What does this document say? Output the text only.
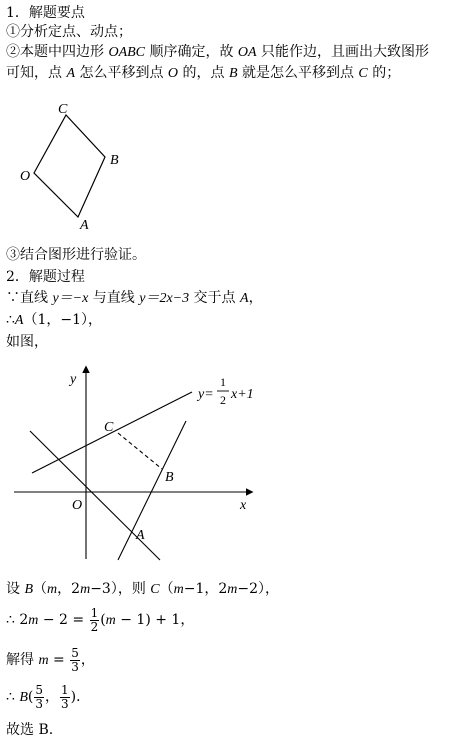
1．解题要点
①分析定点、动点；
②本题中四边形 OABC 顺序确定，故 OA 只能作边，且画出大致图形
可知，点 A 怎么平移到点 O 的，点 B 就是怎么平移到点 C 的；
C
B
O
A
③结合图形进行验证。
2．解题过程
∵直线 y＝−x 与直线 y＝2x−3 交于点 A，
∴A（1，−1），
如图，
y
x
O
A
B
C
y=
1
2 x+1
设 B（m，2m−3），则 C（m−1，2m−2），
∴ $2m - 2 = \frac{1}{2} (m - 1) + 1$，
解得 $m = \frac{5}{3}$ ，
∴ $B( \frac{5}{3}$ ， $\frac{1}{3}$ )．
故选 B.
